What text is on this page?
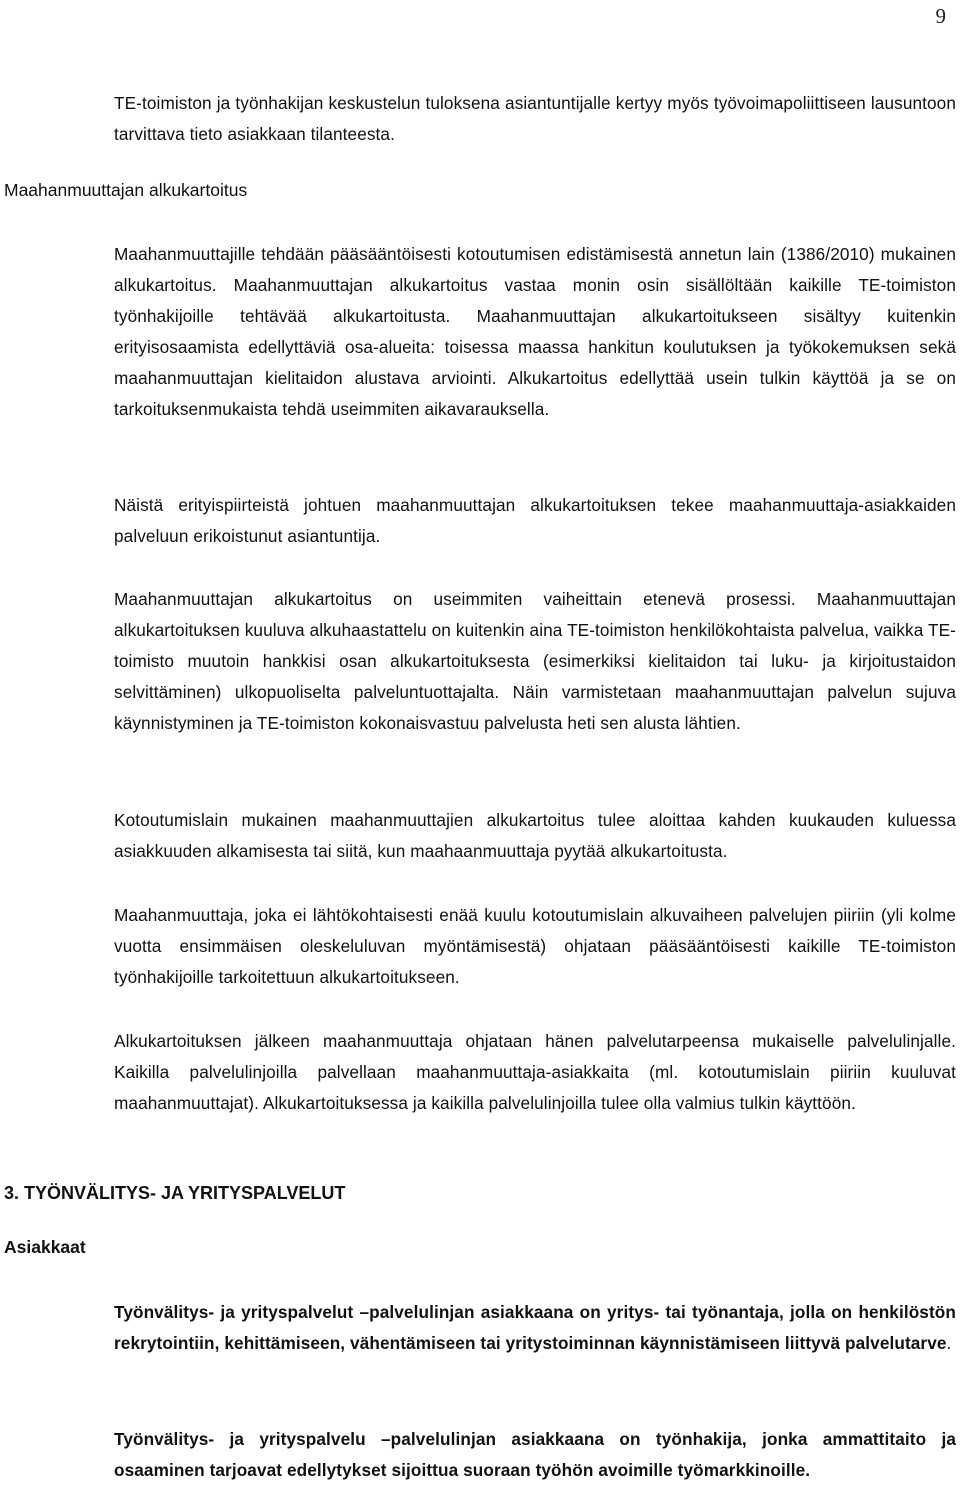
9

TE-toimiston ja työnhakijan keskustelun tuloksena asiantuntijalle kertyy myös työvoimapoliittiseen lausuntoon tarvittava tieto asiakkaan tilanteesta.

Maahanmuuttajan alkukartoitus

Maahanmuuttajille tehdään pääsääntöisesti kotoutumisen edistämisestä annetun lain (1386/2010) mukainen alkukartoitus. Maahanmuuttajan alkukartoitus vastaa monin osin sisällöltään kaikille TE-toimiston työnhakijoille tehtävää alkukartoitusta. Maahanmuuttajan alkukartoitukseen sisältyy kuitenkin erityisosaamista edellyttäviä osa-alueita: toisessa maassa hankitun koulutuksen ja työkokemuksen sekä maahanmuuttajan kielitaidon alustava arviointi. Alkukartoitus edellyttää usein tulkin käyttöä ja se on tarkoituksenmukaista tehdä useimmiten aikavarauksella.

Näistä erityispiirteistä johtuen maahanmuuttajan alkukartoituksen tekee maahanmuuttaja-asiakkaiden palveluun erikoistunut asiantuntija.

Maahanmuuttajan alkukartoitus on useimmiten vaiheittain etenevä prosessi. Maahanmuuttajan alkukartoituksen kuuluva alkuhaastattelu on kuitenkin aina TE-toimiston henkilökohtaista palvelua, vaikka TE-toimisto muutoin hankkisi osan alkukartoituksesta (esimerkiksi kielitaidon tai luku- ja kirjoitustaidon selvittäminen) ulkopuoliselta palveluntuottajalta. Näin varmistetaan maahanmuuttajan palvelun sujuva käynnistyminen ja TE-toimiston kokonaisvastuu palvelusta heti sen alusta lähtien.

Kotoutumislain mukainen maahanmuuttajien alkukartoitus tulee aloittaa kahden kuukauden kuluessa asiakkuuden alkamisesta tai siitä, kun maahaanmuuttaja pyytää alkukartoitusta.

Maahanmuuttaja, joka ei lähtökohtaisesti enää kuulu kotoutumislain alkuvaiheen palvelujen piiriin (yli kolme vuotta ensimmäisen oleskeluluvan myöntämisestä) ohjataan pääsääntöisesti kaikille TE-toimiston työnhakijoille tarkoitettuun alkukartoitukseen.

Alkukartoituksen jälkeen maahanmuuttaja ohjataan hänen palvelutarpeensa mukaiselle palvelulinjalle. Kaikilla palvelulinjoilla palvellaan maahanmuuttaja-asiakkaita (ml. kotoutumislain piiriin kuuluvat maahanmuuttajat). Alkukartoituksessa ja kaikilla palvelulinjoilla tulee olla valmius tulkin käyttöön.

3. TYÖNVÄLITYS- JA YRITYSPALVELUT
Asiakkaat

Työnvälitys- ja yrityspalvelut –palvelulinjan asiakkaana on yritys- tai työnantaja, jolla on henkilöstön rekrytointiin, kehittämiseen, vähentämiseen tai yritystoiminnan käynnistämiseen liittyvä palvelutarve.

Työnvälitys- ja yrityspalvelu –palvelulinjan asiakkaana on työnhakija, jonka ammattitaito ja osaaminen tarjoavat edellytykset sijoittua suoraan työhön avoimille työmarkkinoille.
